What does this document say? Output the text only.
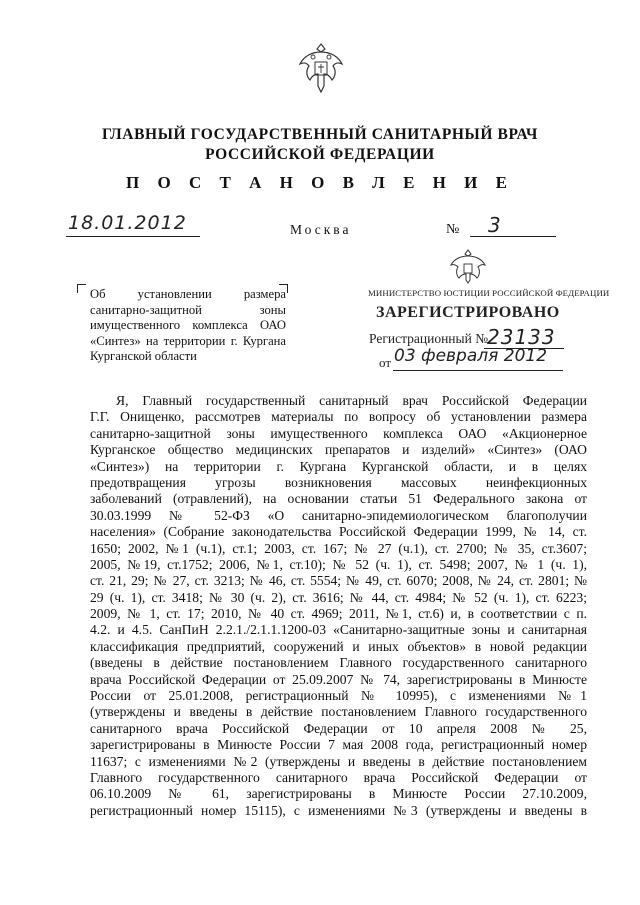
ГЛАВНЫЙ ГОСУДАРСТВЕННЫЙ САНИТАРНЫЙ ВРАЧ
РОССИЙСКОЙ ФЕДЕРАЦИИ
П О С Т А Н О В Л Е Н И Е
18.01.2012	Москва	№ 3
Об установлении размера санитарно-защитной зоны имущественного комплекса ОАО «Синтез» на территории г. Кургана Курганской области
МИНИСТЕРСТВО ЮСТИЦИИ РОССИЙСКОЙ ФЕДЕРАЦИИ
ЗАРЕГИСТРИРОВАНО
Регистрационный №
23133
от 03 февраля 2012
Я, Главный государственный санитарный врач Российской Федерации
Г.Г. Онищенко, рассмотрев материалы по вопросу об установлении размера
санитарно-защитной зоны имущественного комплекса ОАО «Акционерное
Курганское общество медицинских препаратов и изделий» «Синтез» (ОАО
«Синтез») на территории г. Кургана Курганской области, и в целях
предотвращения угрозы возникновения массовых неинфекционных
заболеваний (отравлений), на основании статьи 51 Федерального закона от
30.03.1999 № 52-ФЗ «О санитарно-эпидемиологическом благополучии
населения» (Собрание законодательства Российской Федерации 1999, № 14, ст.
1650; 2002, №1 (ч.1), ст.1; 2003, ст. 167; № 27 (ч.1), ст. 2700; № 35, ст.3607;
2005, №19, ст.1752; 2006, №1, ст.10); № 52 (ч. 1), ст. 5498; 2007, № 1 (ч. 1),
ст. 21, 29; № 27, ст. 3213; № 46, ст. 5554; № 49, ст. 6070; 2008, № 24, ст. 2801; №
29 (ч. 1), ст. 3418; № 30 (ч. 2), ст. 3616; № 44, ст. 4984; № 52 (ч. 1), ст. 6223;
2009, № 1, ст. 17; 2010, № 40 ст. 4969; 2011, №1, ст.6) и, в соответствии с п.
4.2. и 4.5. СанПиН 2.2.1./2.1.1.1200-03 «Санитарно-защитные зоны и санитарная
классификация предприятий, сооружений и иных объектов» в новой редакции
(введены в действие постановлением Главного государственного санитарного
врача Российской Федерации от 25.09.2007 № 74, зарегистрированы в Минюсте
России от 25.01.2008, регистрационный № 10995), с изменениями №1
(утверждены и введены в действие постановлением Главного государственного
санитарного врача Российской Федерации от 10 апреля 2008 № 25,
зарегистрированы в Минюсте России 7 мая 2008 года, регистрационный номер
11637; с изменениями №2 (утверждены и введены в действие постановлением
Главного государственного санитарного врача Российской Федерации от
06.10.2009 № 61, зарегистрированы в Минюсте России 27.10.2009,
регистрационный номер 15115), с изменениями №3 (утверждены и введены в
